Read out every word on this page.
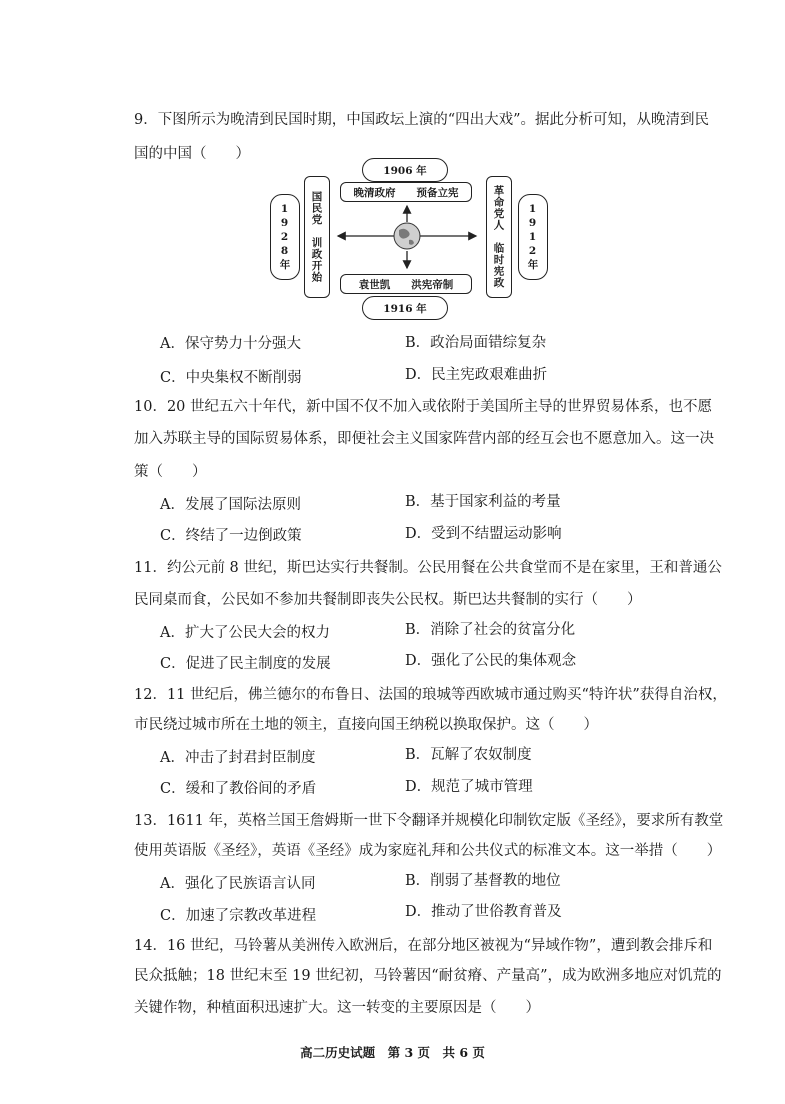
9．下图所示为晚清到民国时期，中国政坛上演的“四出大戏”。据此分析可知，从晚清到民
国的中国（　　）
1906 年
晚清政府　　预备立宪
袁世凯　　洪宪帝制
1916 年
1928年 国民党　训政开始	革命党人　临时宪政 1912年
A．保守势力十分强大	B．政治局面错综复杂
C．中央集权不断削弱	D．民主宪政艰难曲折
10．20 世纪五六十年代，新中国不仅不加入或依附于美国所主导的世界贸易体系，也不愿
加入苏联主导的国际贸易体系，即便社会主义国家阵营内部的经互会也不愿意加入。这一决
策（　　）
A．发展了国际法原则	B．基于国家利益的考量
C．终结了一边倒政策	D．受到不结盟运动影响
11．约公元前 8 世纪，斯巴达实行共餐制。公民用餐在公共食堂而不是在家里，王和普通公
民同桌而食，公民如不参加共餐制即丧失公民权。斯巴达共餐制的实行（　　）
A．扩大了公民大会的权力	B．消除了社会的贫富分化
C．促进了民主制度的发展	D．强化了公民的集体观念
12．11 世纪后，佛兰德尔的布鲁日、法国的琅城等西欧城市通过购买“特许状”获得自治权，
市民绕过城市所在土地的领主，直接向国王纳税以换取保护。这（　　）
A．冲击了封君封臣制度	B．瓦解了农奴制度
C．缓和了教俗间的矛盾	D．规范了城市管理
13．1611 年，英格兰国王詹姆斯一世下令翻译并规模化印制钦定版《圣经》，要求所有教堂
使用英语版《圣经》，英语《圣经》成为家庭礼拜和公共仪式的标准文本。这一举措（　　）
A．强化了民族语言认同	B．削弱了基督教的地位
C．加速了宗教改革进程	D．推动了世俗教育普及
14．16 世纪，马铃薯从美洲传入欧洲后，在部分地区被视为“异域作物”，遭到教会排斥和
民众抵触；18 世纪末至 19 世纪初，马铃薯因“耐贫瘠、产量高”，成为欧洲多地应对饥荒的
关键作物，种植面积迅速扩大。这一转变的主要原因是（　　）
高二历史试题　第 3 页　共 6 页
